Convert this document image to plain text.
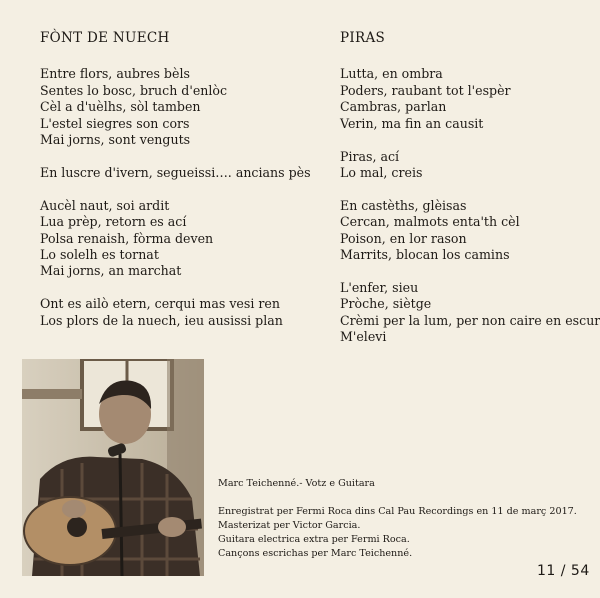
FÒNT DE NUECH
Entre flors, aubres bèls
Sentes lo bosc, bruch d'enlòc
Cèl a d'uèlhs, sòl tamben
L'estel siegres son cors
Mai jorns, sont venguts
En luscre d'ivern, segueissi…. ancians pès
Aucèl naut, soi ardit
Lua prèp, retorn es ací
Polsa renaish, fòrma deven
Lo solelh es tornat
Mai jorns, an marchat
Ont es ailò etern, cerqui mas vesi ren
Los plors de la nuech, ieu ausissi plan
PIRAS
Lutta, en ombra
Poders, raubant tot l'espèr
Cambras, parlan
Verin, ma fin an causit
Piras, ací
Lo mal, creis
En castèths, glèisas
Cercan, malmots enta'th cèl
Poison, en lor rason
Marrits, blocan los camins
L'enfer, sieu
Pròche, siètge
Crèmi per la lum, per non caire en escur
M'elevi
Marc Teichenné.- Votz e Guitara
Enregistrat per Fermi Roca dins Cal Pau Recordings en 11 de març 2017.
Masterizat per Victor Garcia.
Guitara electrica extra per Fermi Roca.
Cançons escrichas per Marc Teichenné.
11 / 54
